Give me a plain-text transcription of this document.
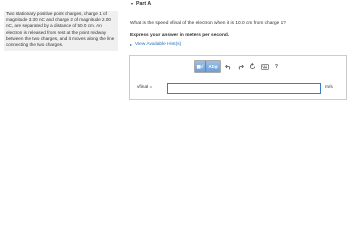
Two stationary positive point charges, charge 1 of magnitude 3.30 nC and charge 2 of magnitude 2.00 nC, are separated by a distance of 50.0 cm. An electron is released from rest at the point midway between the two charges, and it moves along the line connecting the two charges.
Part A
What is the speed vfinal of the electron when it is 10.0 cm from charge 1?
Express your answer in meters per second.
View Available Hint(s)
▦√ AΣφ	?
vfinal =	m/s
